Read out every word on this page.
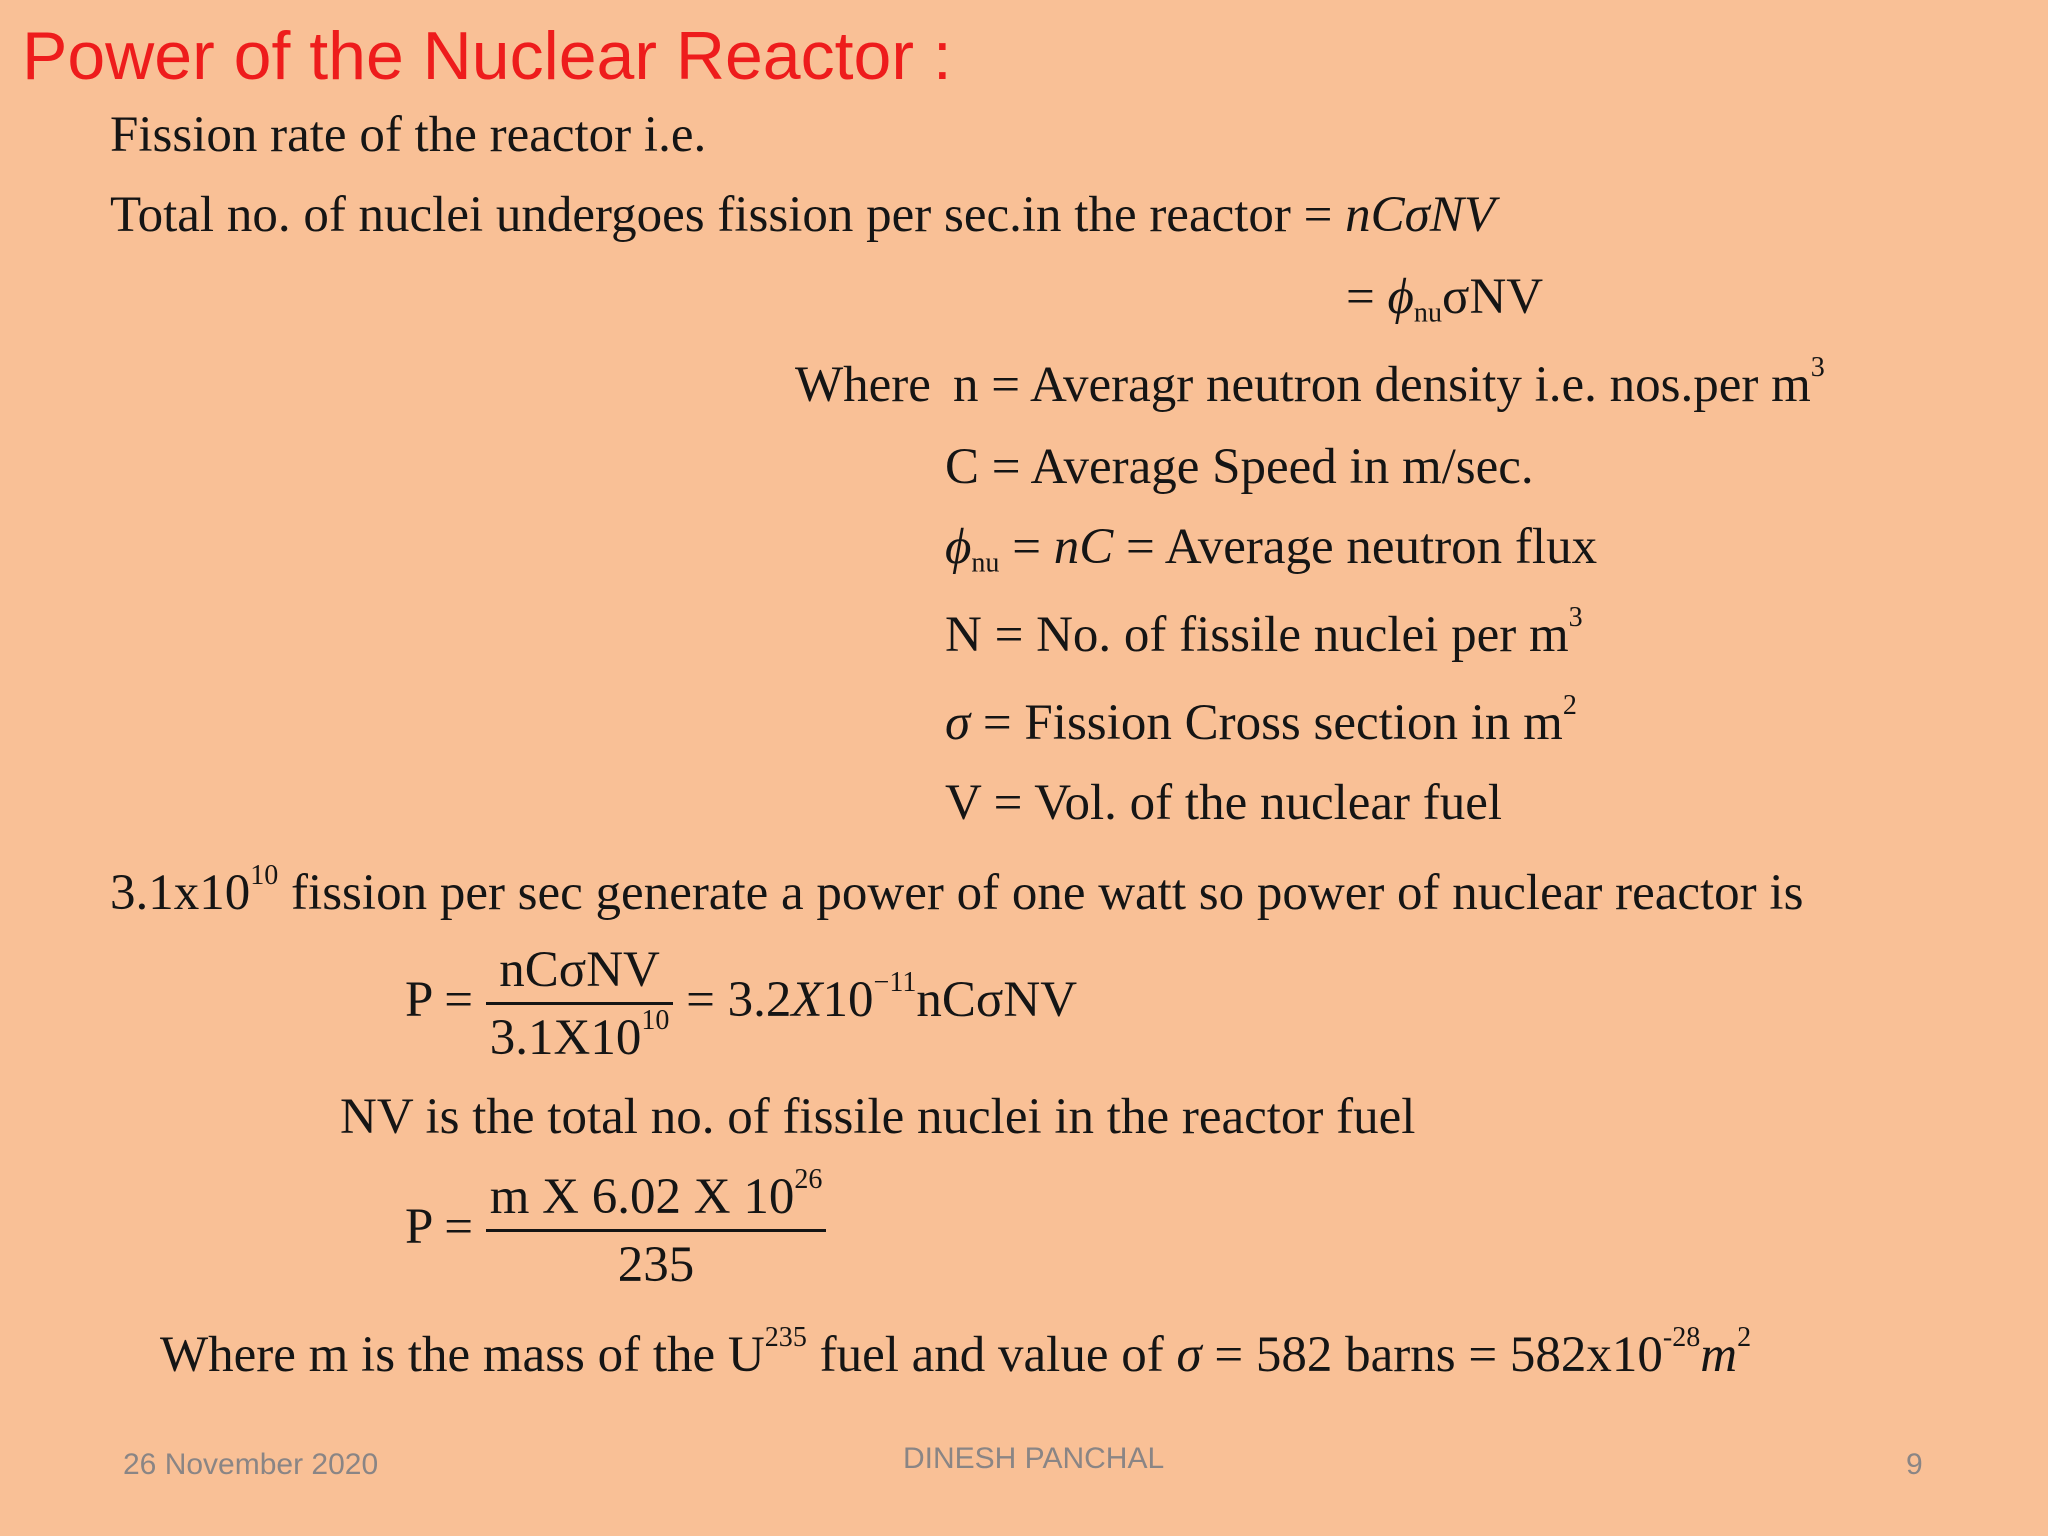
Power of the Nuclear Reactor :
Fission rate of the reactor i.e.
Total no. of nuclei undergoes fission per sec.in the reactor = nCσNV
= $\phi_{nu}\sigma NV$
Where n = Averagr neutron density i.e. nos.per $m^3$
C = Average Speed in m/sec.
$\phi_{nu}$ = nC = Average neutron flux
N = No. of fissile nuclei per $m^3$
σ = Fission Cross section in $m^2$
V = Vol. of the nuclear fuel
$3.1x10^{10}$ fission per sec generate a power of one watt so power of nuclear reactor is
$P = \frac{\text{nCσNV}}{3.1X10^{10}} = 3.2X10^{-11}nC\sigma NV$
NV is the total no. of fissile nuclei in the reactor fuel
$P = \frac{m X 6.02 X 10^{26}}{235}$
Where m is the mass of the $U^{235}$ fuel and value of σ = 582 barns = $582x10^{-28}m^2$
26 November 2020	DINESH PANCHAL	9
